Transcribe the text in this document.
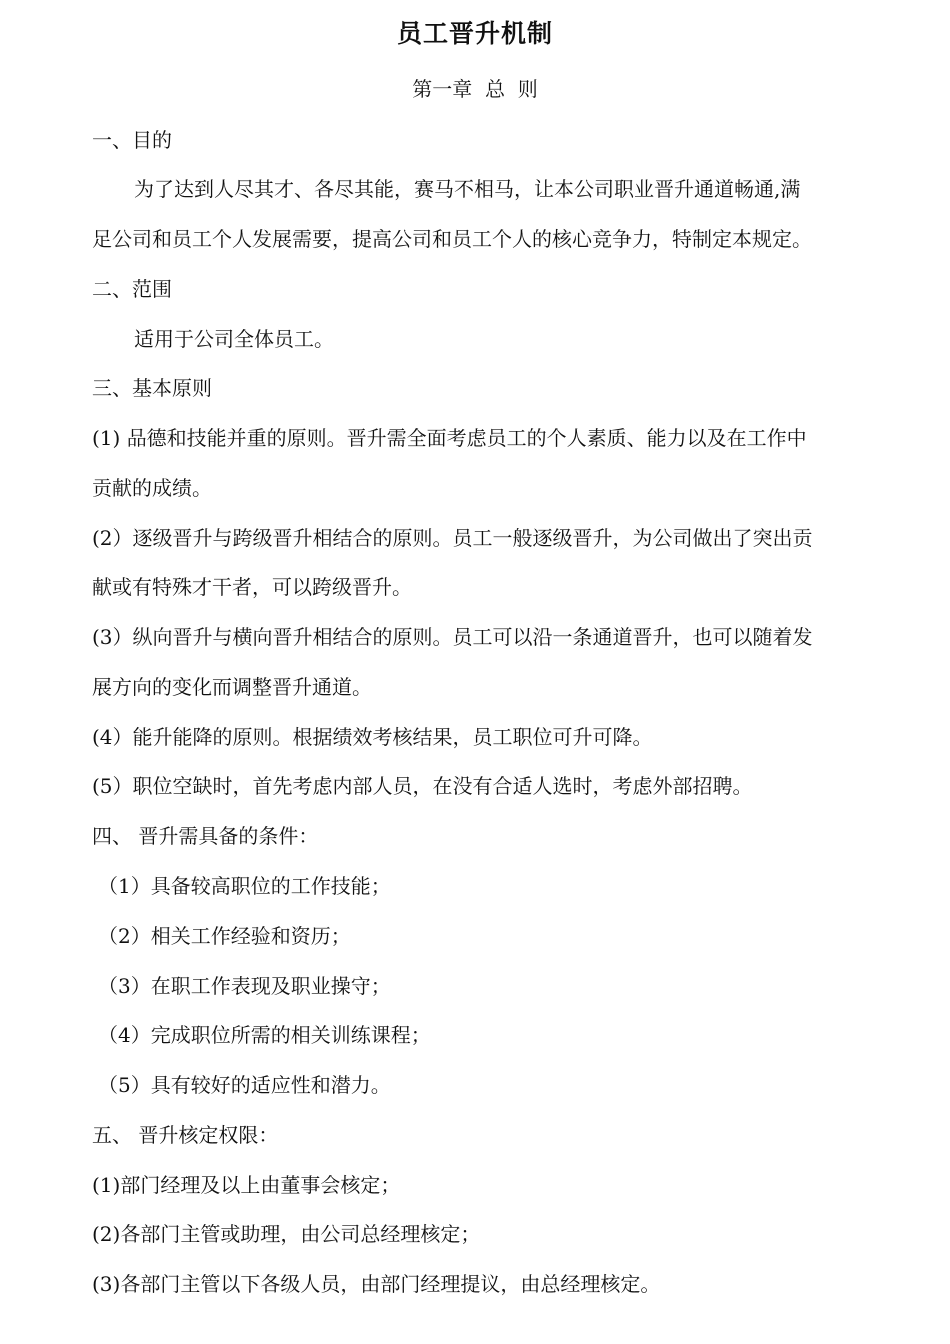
员工晋升机制
第一章  总  则
一、目的
为了达到人尽其才、各尽其能，赛马不相马，让本公司职业晋升通道畅通,满
足公司和员工个人发展需要，提高公司和员工个人的核心竞争力，特制定本规定。
二、范围
适用于公司全体员工。
三、基本原则
(1) 品德和技能并重的原则。晋升需全面考虑员工的个人素质、能力以及在工作中
贡献的成绩。
(2）逐级晋升与跨级晋升相结合的原则。员工一般逐级晋升，为公司做出了突出贡
献或有特殊才干者，可以跨级晋升。
(3）纵向晋升与横向晋升相结合的原则。员工可以沿一条通道晋升，也可以随着发
展方向的变化而调整晋升通道。
(4）能升能降的原则。根据绩效考核结果，员工职位可升可降。
(5）职位空缺时，首先考虑内部人员，在没有合适人选时，考虑外部招聘。
四、 晋升需具备的条件：
（1）具备较高职位的工作技能；
（2）相关工作经验和资历；
（3）在职工作表现及职业操守；
（4）完成职位所需的相关训练课程；
（5）具有较好的适应性和潜力。
五、 晋升核定权限：
(1)部门经理及以上由董事会核定；
(2)各部门主管或助理，由公司总经理核定；
(3)各部门主管以下各级人员，由部门经理提议，由总经理核定。
